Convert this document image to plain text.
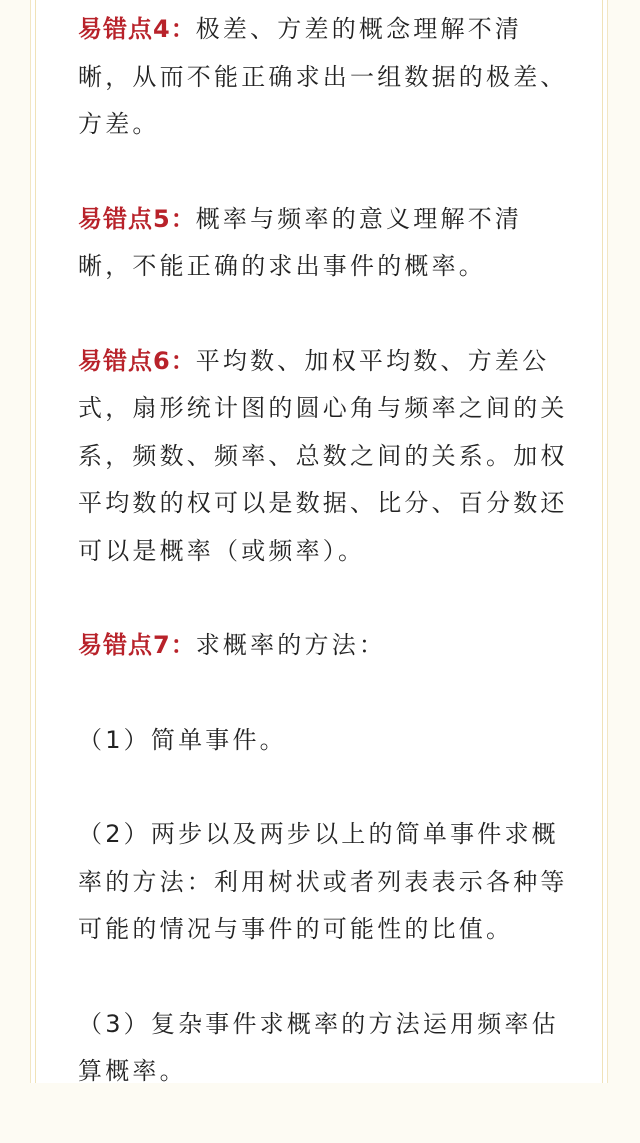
易错点4：极差、方差的概念理解不清晰，从而不能正确求出一组数据的极差、方差。

易错点5：概率与频率的意义理解不清晰，不能正确的求出事件的概率。

易错点6：平均数、加权平均数、方差公式，扇形统计图的圆心角与频率之间的关系，频数、频率、总数之间的关系。加权平均数的权可以是数据、比分、百分数还可以是概率（或频率）。

易错点7：求概率的方法：

（1）简单事件。

（2）两步以及两步以上的简单事件求概率的方法：利用树状或者列表表示各种等可能的情况与事件的可能性的比值。

（3）复杂事件求概率的方法运用频率估算概率。
